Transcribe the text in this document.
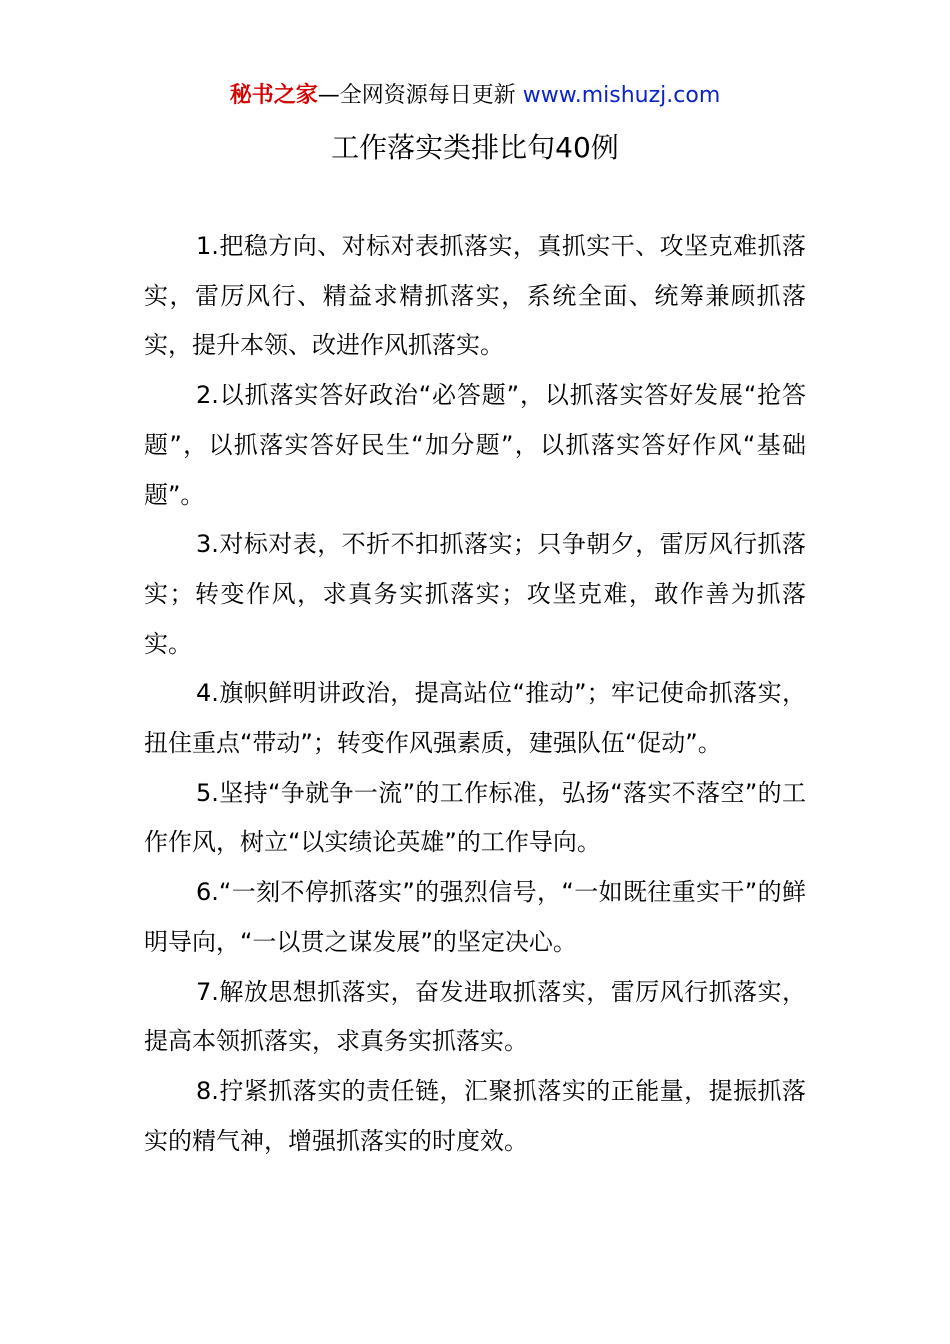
秘书之家—全网资源每日更新 www.mishuzj.com
工作落实类排比句40例

1.把稳方向、对标对表抓落实，真抓实干、攻坚克难抓落实，雷厉风行、精益求精抓落实，系统全面、统筹兼顾抓落实，提升本领、改进作风抓落实。

2.以抓落实答好政治“必答题”，以抓落实答好发展“抢答题”，以抓落实答好民生“加分题”，以抓落实答好作风“基础题”。

3.对标对表，不折不扣抓落实；只争朝夕，雷厉风行抓落实；转变作风，求真务实抓落实；攻坚克难，敢作善为抓落实。

4.旗帜鲜明讲政治，提高站位“推动”；牢记使命抓落实，扭住重点“带动”；转变作风强素质，建强队伍“促动”。

5.坚持“争就争一流”的工作标准，弘扬“落实不落空”的工作作风，树立“以实绩论英雄”的工作导向。

6.“一刻不停抓落实”的强烈信号，“一如既往重实干”的鲜明导向，“一以贯之谋发展”的坚定决心。

7.解放思想抓落实，奋发进取抓落实，雷厉风行抓落实，提高本领抓落实，求真务实抓落实。

8.拧紧抓落实的责任链，汇聚抓落实的正能量，提振抓落实的精气神，增强抓落实的时度效。
